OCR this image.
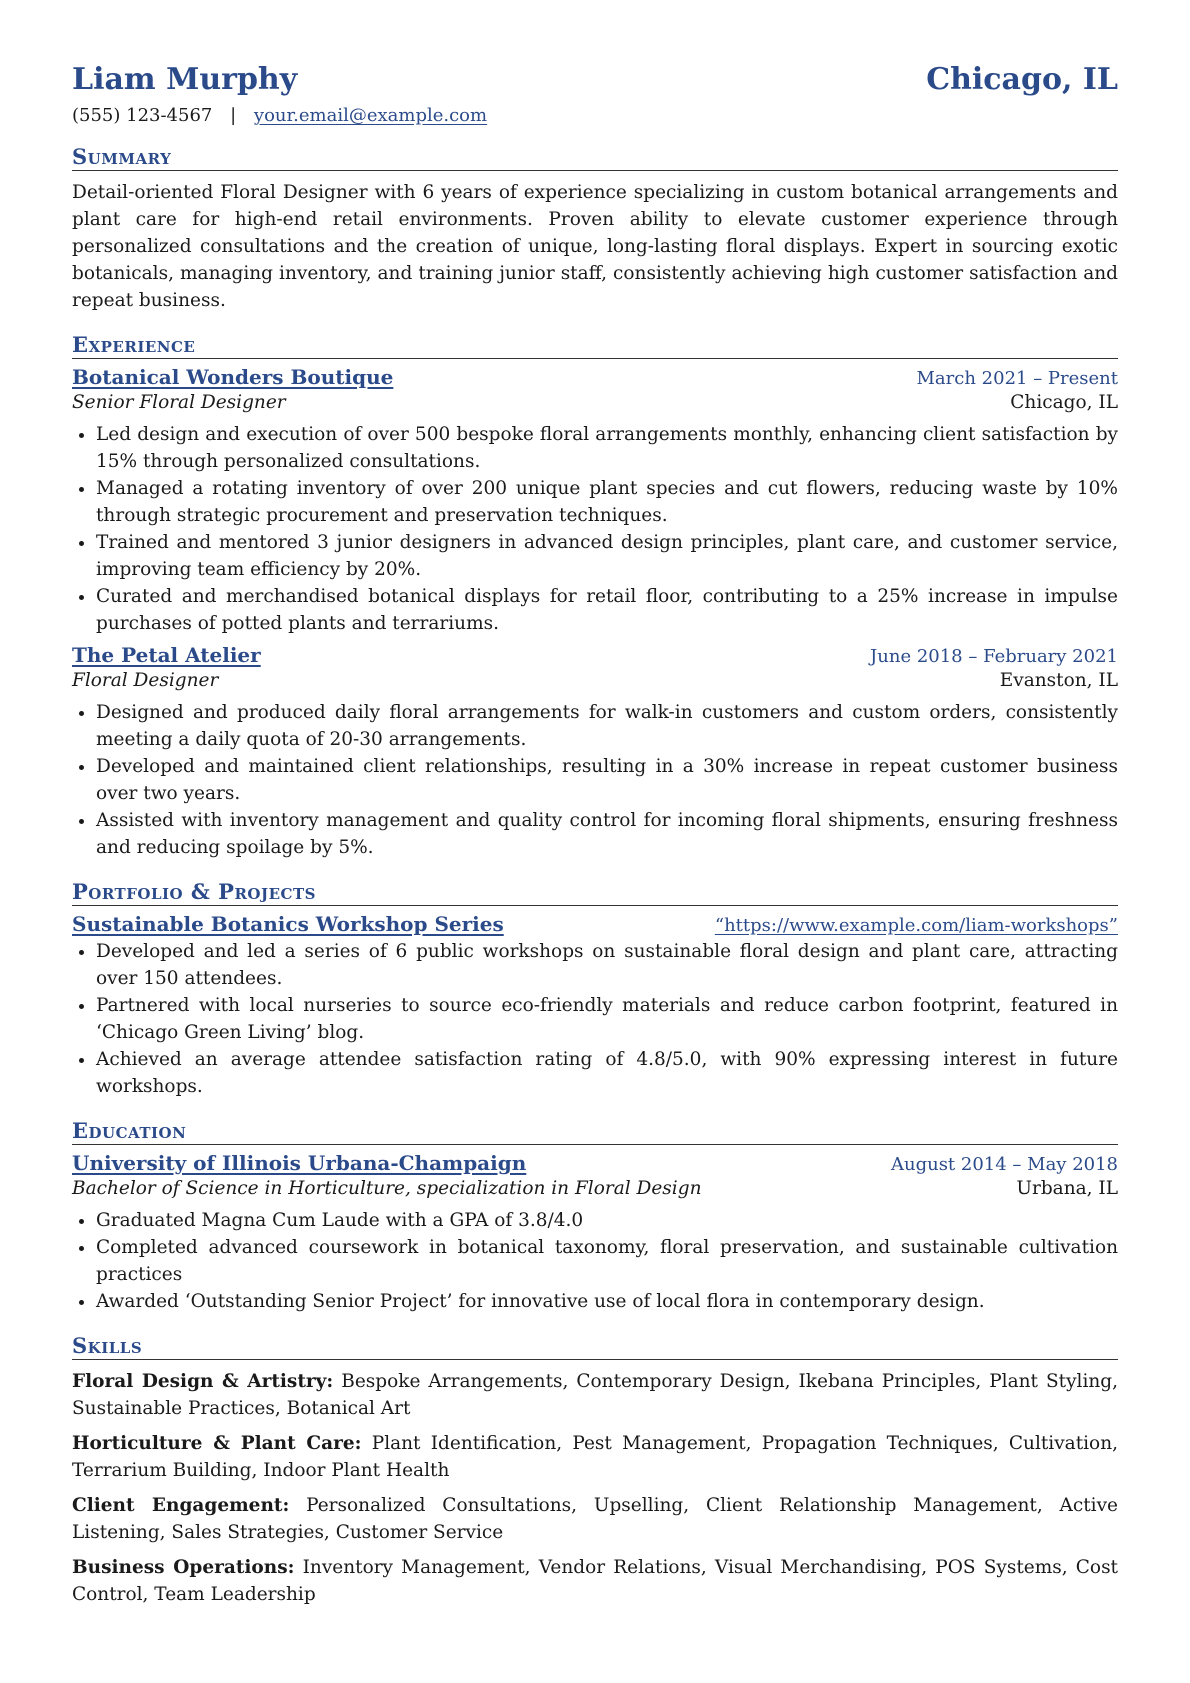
Liam Murphy	Chicago, IL
(555) 123-4567 | your.email@example.com
Summary
Detail-oriented Floral Designer with 6 years of experience specializing in custom botanical arrangements and plant care for high-end retail environments. Proven ability to elevate customer experience through personalized consultations and the creation of unique, long-lasting floral displays. Expert in sourcing exotic botanicals, managing inventory, and training junior staff, consistently achieving high customer satisfaction and repeat business.
Experience
Botanical Wonders Boutique	March 2021 – Present
Senior Floral Designer	Chicago, IL
• Led design and execution of over 500 bespoke floral arrangements monthly, enhancing client satisfaction by 15% through personalized consultations.
• Managed a rotating inventory of over 200 unique plant species and cut flowers, reducing waste by 10% through strategic procurement and preservation techniques.
• Trained and mentored 3 junior designers in advanced design principles, plant care, and customer service, improving team efficiency by 20%.
• Curated and merchandised botanical displays for retail floor, contributing to a 25% increase in impulse purchases of potted plants and terrariums.
The Petal Atelier	June 2018 – February 2021
Floral Designer	Evanston, IL
• Designed and produced daily floral arrangements for walk-in customers and custom orders, consistently meeting a daily quota of 20-30 arrangements.
• Developed and maintained client relationships, resulting in a 30% increase in repeat customer business over two years.
• Assisted with inventory management and quality control for incoming floral shipments, ensuring freshness and reducing spoilage by 5%.
Portfolio & Projects
Sustainable Botanics Workshop Series	“https://www.example.com/liam-workshops”
• Developed and led a series of 6 public workshops on sustainable floral design and plant care, attracting over 150 attendees.
• Partnered with local nurseries to source eco-friendly materials and reduce carbon footprint, featured in ‘Chicago Green Living’ blog.
• Achieved an average attendee satisfaction rating of 4.8/5.0, with 90% expressing interest in future workshops.
Education
University of Illinois Urbana-Champaign	August 2014 – May 2018
Bachelor of Science in Horticulture, specialization in Floral Design	Urbana, IL
• Graduated Magna Cum Laude with a GPA of 3.8/4.0
• Completed advanced coursework in botanical taxonomy, floral preservation, and sustainable cultivation practices
• Awarded ‘Outstanding Senior Project’ for innovative use of local flora in contemporary design.
Skills
Floral Design & Artistry: Bespoke Arrangements, Contemporary Design, Ikebana Principles, Plant Styling, Sustainable Practices, Botanical Art
Horticulture & Plant Care: Plant Identification, Pest Management, Propagation Techniques, Cultivation, Terrarium Building, Indoor Plant Health
Client Engagement: Personalized Consultations, Upselling, Client Relationship Management, Active Listening, Sales Strategies, Customer Service
Business Operations: Inventory Management, Vendor Relations, Visual Merchandising, POS Systems, Cost Control, Team Leadership
